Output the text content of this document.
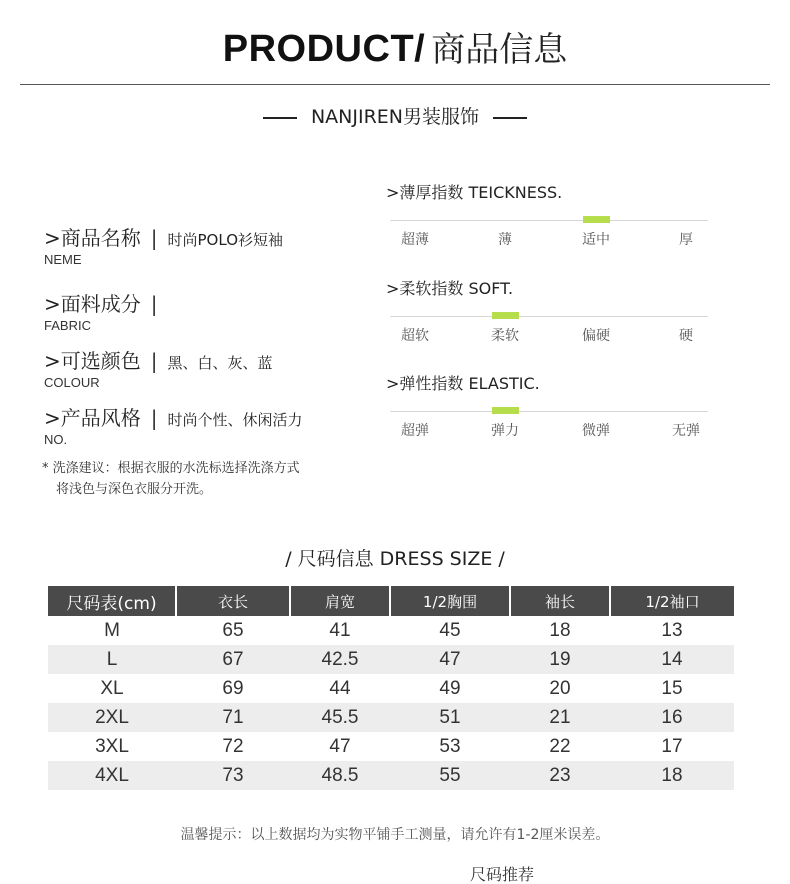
PRODUCT/ 商品信息
NANJIREN男装服饰
>商品名称 | 时尚POLO衫短袖
NEME
>面料成分 |
FABRIC
>可选颜色 | 黑、白、灰、蓝
COLOUR
>产品风格 | 时尚个性、休闲活力
NO.
* 洗涤建议：根据衣服的水洗标选择洗涤方式
将浅色与深色衣服分开洗。
>薄厚指数 TEICKNESS.
超薄	薄	适中	厚
>柔软指数 SOFT.
超软	柔软	偏硬	硬
>弹性指数 ELASTIC.
超弹	弹力	微弹	无弹
/ 尺码信息 DRESS SIZE /
尺码表(cm)	衣长	肩宽	1/2胸围	袖长	1/2袖口
M	65	41	45	18	13
L	67	42.5	47	19	14
XL	69	44	49	20	15
2XL	71	45.5	51	21	16
3XL	72	47	53	22	17
4XL	73	48.5	55	23	18
温馨提示：以上数据均为实物平铺手工测量，请允许有1-2厘米误差。
尺码推荐
